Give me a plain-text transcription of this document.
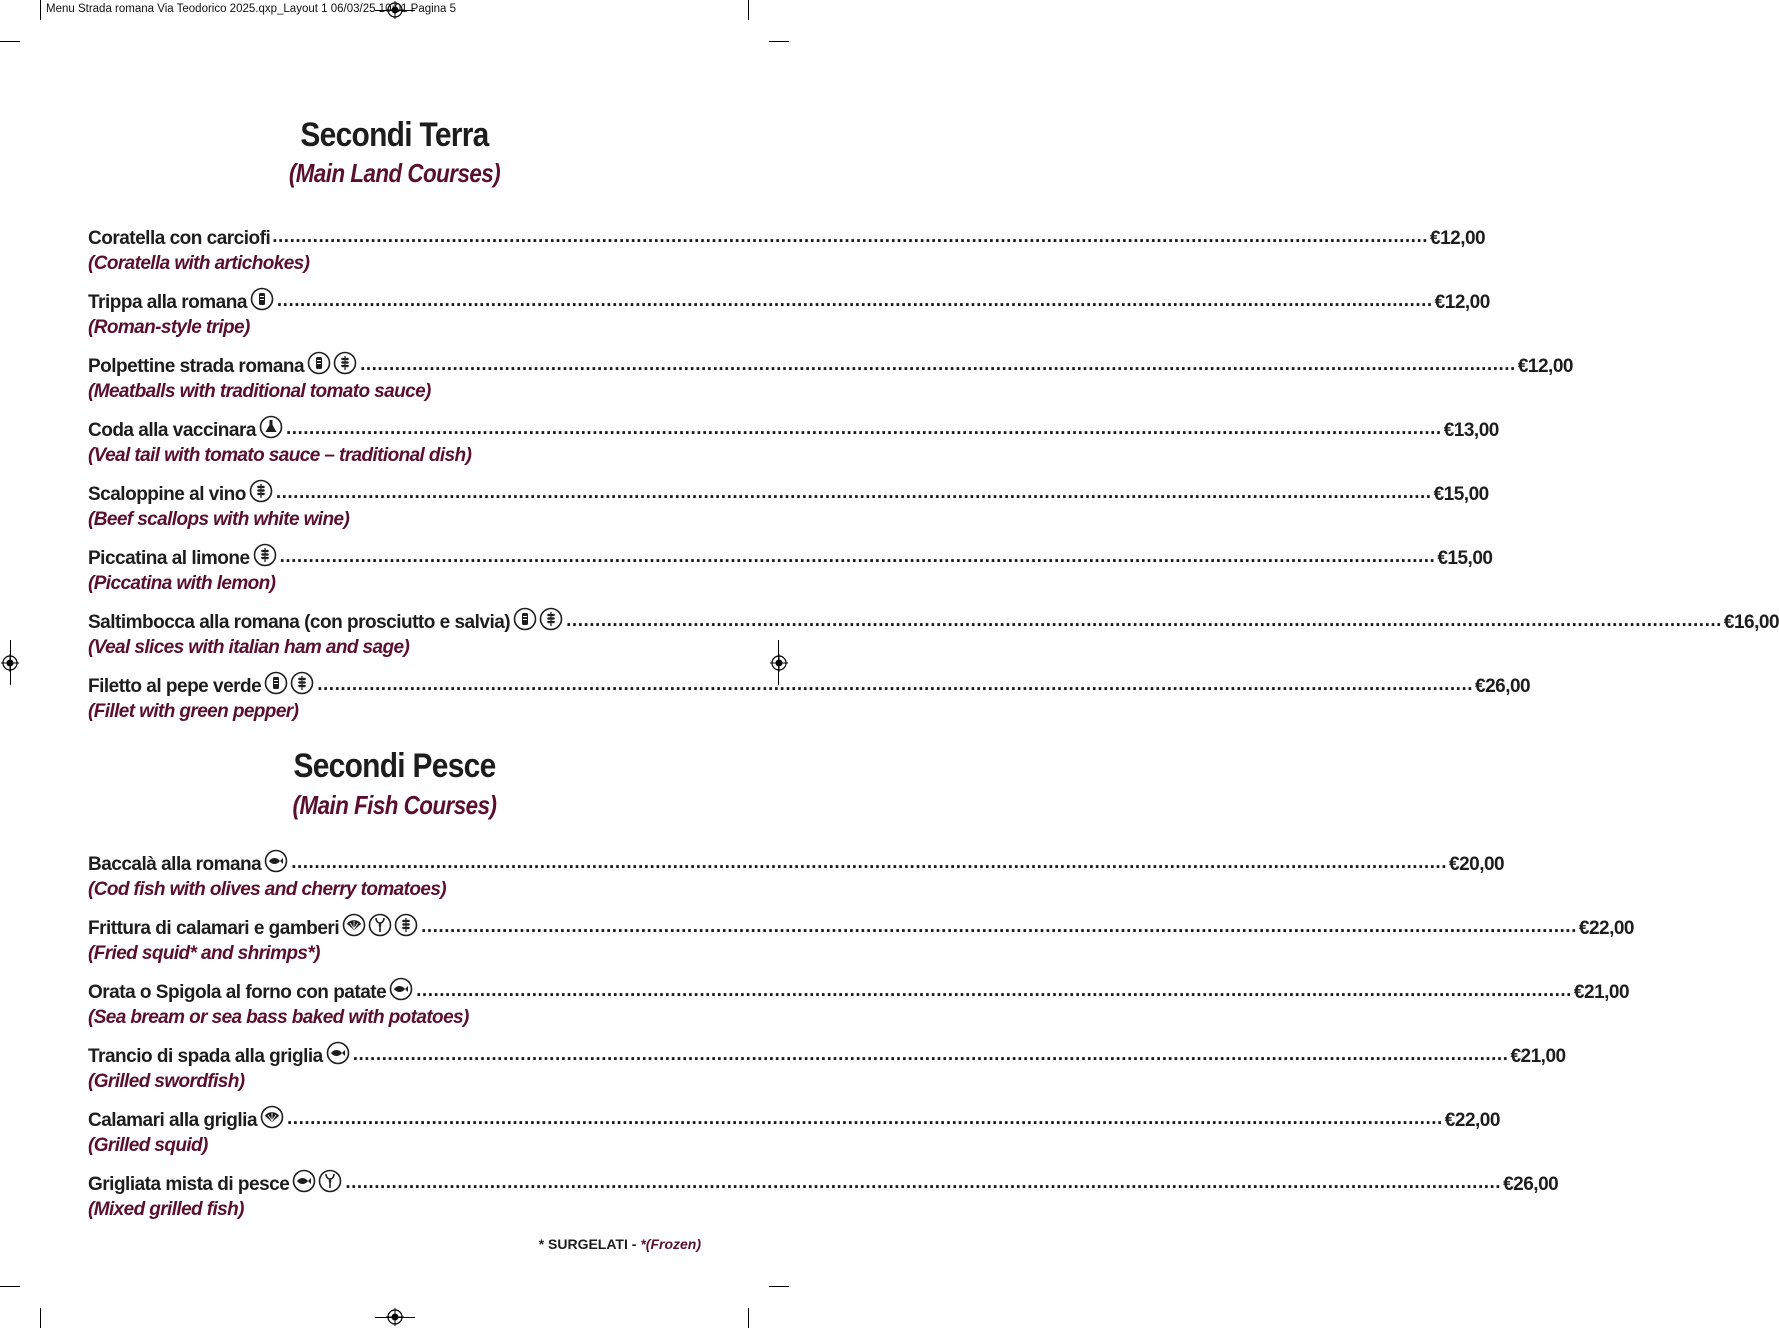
Menu Strada romana Via Teodorico 2025.qxp_Layout 1 06/03/25 10:01 Pagina 5
Secondi Terra
(Main Land Courses)
Coratella con carciofi ........................................................................................................................................................................................................ € 12,00
(Coratella with artichokes)
Trippa alla romana ........................................................................................................................................................................................................ € 12,00
(Roman-style tripe)
Polpettine strada romana	........................................................................................................................................................................................................ € 12,00
(Meatballs with traditional tomato sauce)
Coda alla vaccinara ........................................................................................................................................................................................................ € 13,00
(Veal tail with tomato sauce – traditional dish)
Scaloppine al vino ........................................................................................................................................................................................................ € 15,00
(Beef scallops with white wine)
Piccatina al limone ........................................................................................................................................................................................................ € 15,00
(Piccatina with lemon)
Saltimbocca alla romana (con prosciutto e salvia)	........................................................................................................................................................................................................ € 16,00
(Veal slices with italian ham and sage)
Filetto al pepe verde	........................................................................................................................................................................................................ € 26,00
(Fillet with green pepper)
Secondi Pesce
(Main Fish Courses)
Baccalà alla romana ........................................................................................................................................................................................................ € 20,00
(Cod fish with olives and cherry tomatoes)
Frittura di calamari e gamberi	........................................................................................................................................................................................................ € 22,00
(Fried squid* and shrimps*)
Orata o Spigola al forno con patate ........................................................................................................................................................................................................ € 21,00
(Sea bream or sea bass baked with potatoes)
Trancio di spada alla griglia ........................................................................................................................................................................................................ € 21,00
(Grilled swordfish)
Calamari alla griglia ........................................................................................................................................................................................................ € 22,00
(Grilled squid)
Grigliata mista di pesce	........................................................................................................................................................................................................ € 26,00
(Mixed grilled fish)
* SURGELATI - *(Frozen)
